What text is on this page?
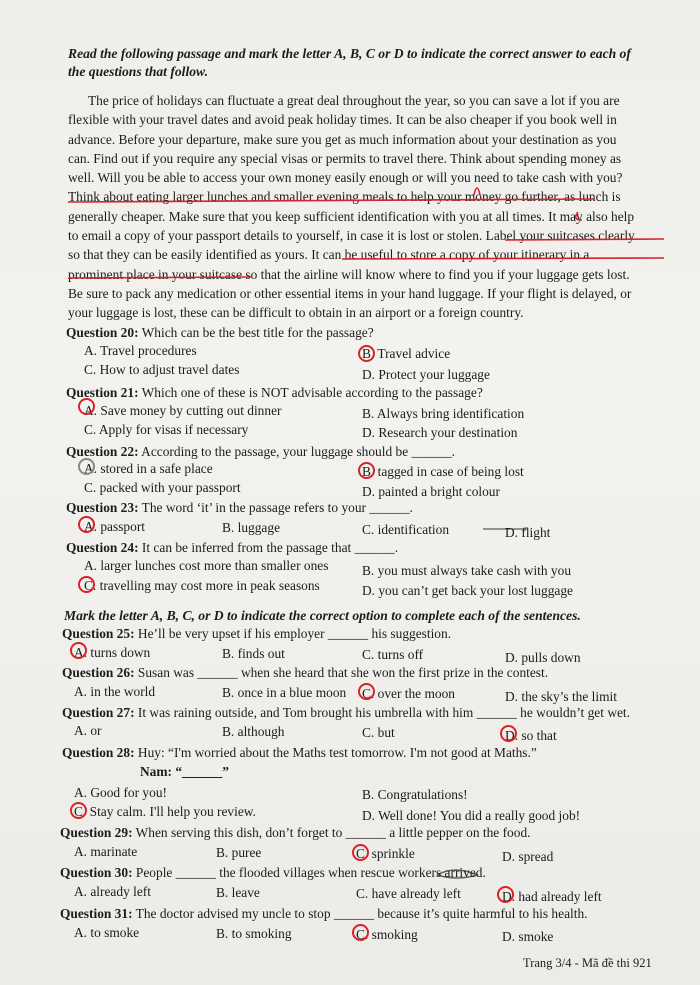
Read the following passage and mark the letter A, B, C or D to indicate the correct answer to each of
the questions that follow.
The price of holidays can fluctuate a great deal throughout the year, so you can save a lot if you are
flexible with your travel dates and avoid peak holiday times. It can be also cheaper if you book well in
advance. Before your departure, make sure you get as much information about your destination as you
can. Find out if you require any special visas or permits to travel there. Think about spending money as
well. Will you be able to access your own money easily enough or will you need to take cash with you?
Think about eating larger lunches and smaller evening meals to help your money go further, as lunch is
generally cheaper. Make sure that you keep sufficient identification with you at all times. It may also help
to email a copy of your passport details to yourself, in case it is lost or stolen. Label your suitcases clearly
so that they can be easily identified as yours. It can be useful to store a copy of your itinerary in a
prominent place in your suitcase so that the airline will know where to find you if your luggage gets lost.
Be sure to pack any medication or other essential items in your hand luggage. If your flight is delayed, or
your luggage is lost, these can be difficult to obtain in an airport or a foreign country.
Question 20: Which can be the best title for the passage?
A. Travel procedures	B. Travel advice
C. How to adjust travel dates	D. Protect your luggage
Question 21: Which one of these is NOT advisable according to the passage?
A. Save money by cutting out dinner	B. Always bring identification
C. Apply for visas if necessary	D. Research your destination
Question 22: According to the passage, your luggage should be ______.
A. stored in a safe place	B. tagged in case of being lost
C. packed with your passport	D. painted a bright colour
Question 23: The word ‘it’ in the passage refers to your ______.
A. passport	B. luggage	C. identification	D. flight
Question 24: It can be inferred from the passage that ______.
A. larger lunches cost more than smaller ones	B. you must always take cash with you
C. travelling may cost more in peak seasons	D. you can’t get back your lost luggage
Mark the letter A, B, C, or D to indicate the correct option to complete each of the sentences.
Question 25: He’ll be very upset if his employer ______ his suggestion.
A. turns down	B. finds out	C. turns off	D. pulls down
Question 26: Susan was ______ when she heard that she won the first prize in the contest.
A. in the world	B. once in a blue moon C. over the moon	D. the sky’s the limit
Question 27: It was raining outside, and Tom brought his umbrella with him ______ he wouldn’t get wet.
A. or	B. although	C. but	D. so that
Question 28: Huy: “I'm worried about the Maths test tomorrow. I'm not good at Maths.”
Nam: “______”
A. Good for you!	B. Congratulations!
C. Stay calm. I'll help you review.	D. Well done! You did a really good job!
Question 29: When serving this dish, don’t forget to ______ a little pepper on the food.
A. marinate	B. puree	C. sprinkle	D. spread
Question 30: People ______ the flooded villages when rescue workers arrived.
A. already left	B. leave	C. have already left	D. had already left
Question 31: The doctor advised my uncle to stop ______ because it’s quite harmful to his health.
A. to smoke	B. to smoking	C. smoking	D. smoke
Trang 3/4 - Mã đề thi 921
